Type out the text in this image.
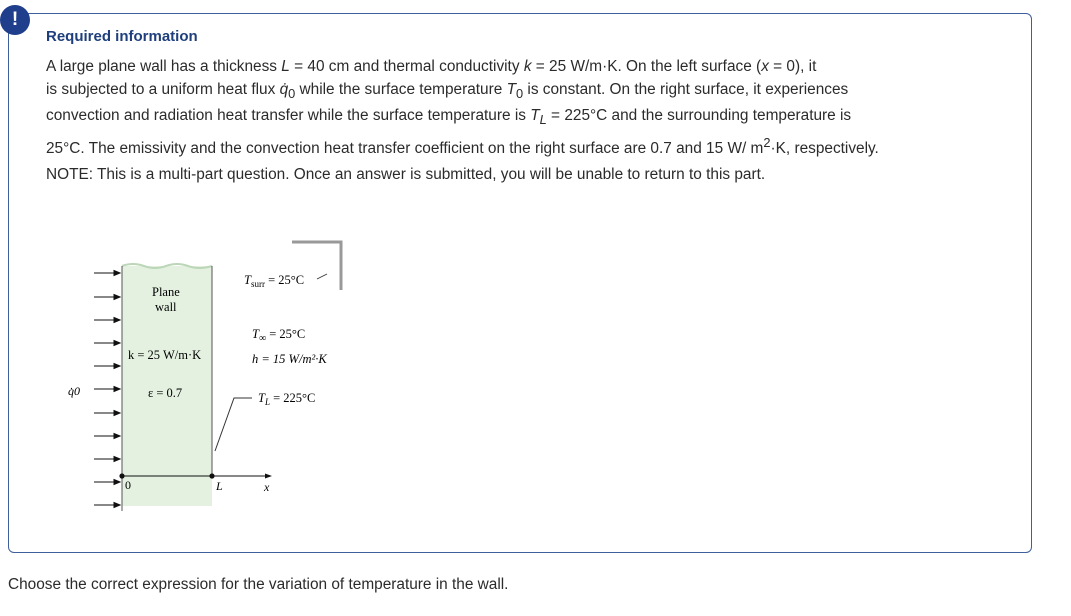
!
Required information
A large plane wall has a thickness L = 40 cm and thermal conductivity k = 25 W/m·K. On the left surface (x = 0), it
is subjected to a uniform heat flux $q̇_0$ while the surface temperature $T_0$ is constant. On the right surface, it experiences
convection and radiation heat transfer while the surface temperature is $T_L = 225^\circ C$ and the surrounding temperature is
25°C. The emissivity and the convection heat transfer coefficient on the right surface are 0.7 and 15 W/ $m^2\cdot K$, respectively.
NOTE: This is a multi-part question. Once an answer is submitted, you will be unable to return to this part.
Plane
wall
k = 25 W/m·K
ε = 0.7
q̇0
$T_{surr} = 25^\circ C$
$T_\infty = 25^\circ C$
h = 15 W/m²·K
$T_L = 225^\circ C$
0	L	x
Choose the correct expression for the variation of temperature in the wall.
